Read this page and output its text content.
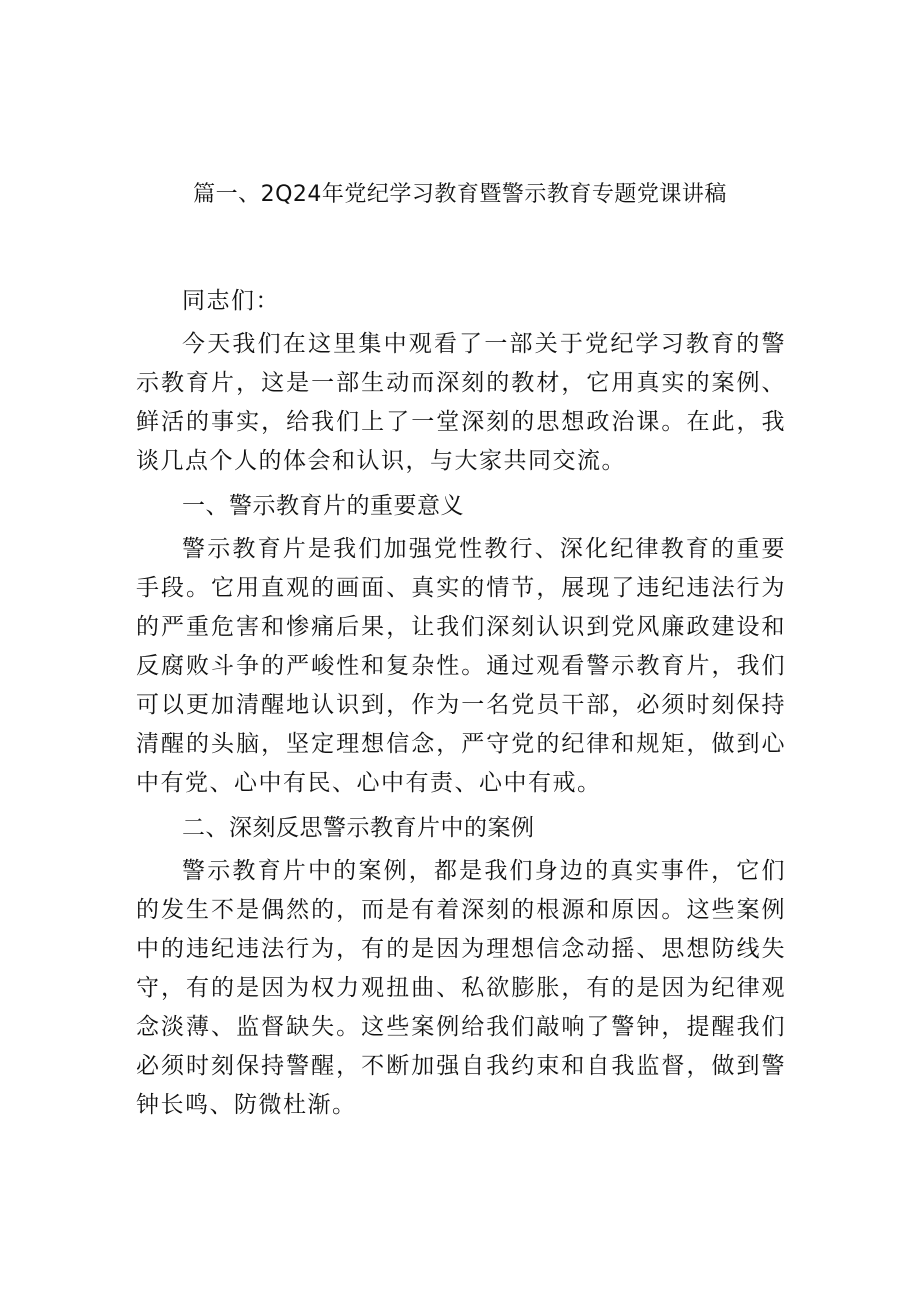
篇一、2Q24年党纪学习教育暨警示教育专题党课讲稿

同志们：

今天我们在这里集中观看了一部关于党纪学习教育的警示教育片，这是一部生动而深刻的教材，它用真实的案例、鲜活的事实，给我们上了一堂深刻的思想政治课。在此，我谈几点个人的体会和认识，与大家共同交流。

一、警示教育片的重要意义

警示教育片是我们加强党性教行、深化纪律教育的重要手段。它用直观的画面、真实的情节，展现了违纪违法行为的严重危害和惨痛后果，让我们深刻认识到党风廉政建设和反腐败斗争的严峻性和复杂性。通过观看警示教育片，我们可以更加清醒地认识到，作为一名党员干部，必须时刻保持清醒的头脑，坚定理想信念，严守党的纪律和规矩，做到心中有党、心中有民、心中有责、心中有戒。

二、深刻反思警示教育片中的案例

警示教育片中的案例，都是我们身边的真实事件，它们的发生不是偶然的，而是有着深刻的根源和原因。这些案例中的违纪违法行为，有的是因为理想信念动摇、思想防线失守，有的是因为权力观扭曲、私欲膨胀，有的是因为纪律观念淡薄、监督缺失。这些案例给我们敲响了警钟，提醒我们必须时刻保持警醒，不断加强自我约束和自我监督，做到警钟长鸣、防微杜渐。
